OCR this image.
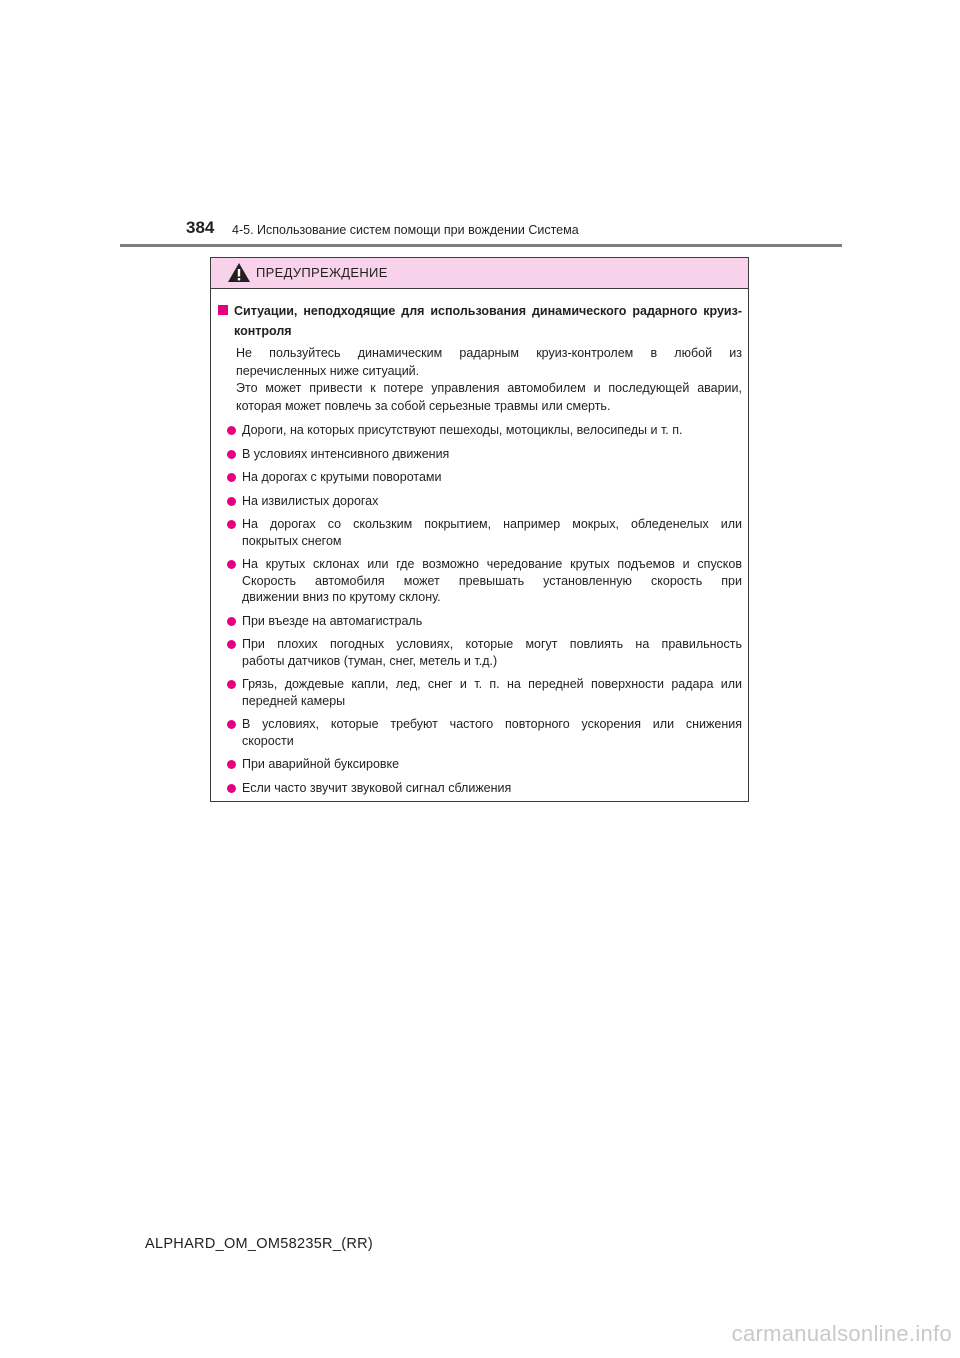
384 4-5. Использование систем помощи при вождении Система
ПРЕДУПРЕЖДЕНИЕ
Ситуации, неподходящие для использования динамического радарного круиз-контроля
Не пользуйтесь динамическим радарным круиз-контролем в любой из
перечисленных ниже ситуаций.
Это может привести к потере управления автомобилем и последующей аварии,
которая может повлечь за собой серьезные травмы или смерть.
Дороги, на которых присутствуют пешеходы, мотоциклы, велосипеды и т. п.
В условиях интенсивного движения
На дорогах с крутыми поворотами
На извилистых дорогах
На дорогах со скользким покрытием, например мокрых, обледенелых или
покрытых снегом
На крутых склонах или где возможно чередование крутых подъемов и спусков
Скорость автомобиля может превышать установленную скорость при
движении вниз по крутому склону.
При въезде на автомагистраль
При плохих погодных условиях, которые могут повлиять на правильность
работы датчиков (туман, снег, метель и т.д.)
Грязь, дождевые капли, лед, снег и т. п. на передней поверхности радара или
передней камеры
В условиях, которые требуют частого повторного ускорения или снижения
скорости
При аварийной буксировке
Если часто звучит звуковой сигнал сближения
ALPHARD_OM_OM58235R_(RR)
carmanualsonline.info
